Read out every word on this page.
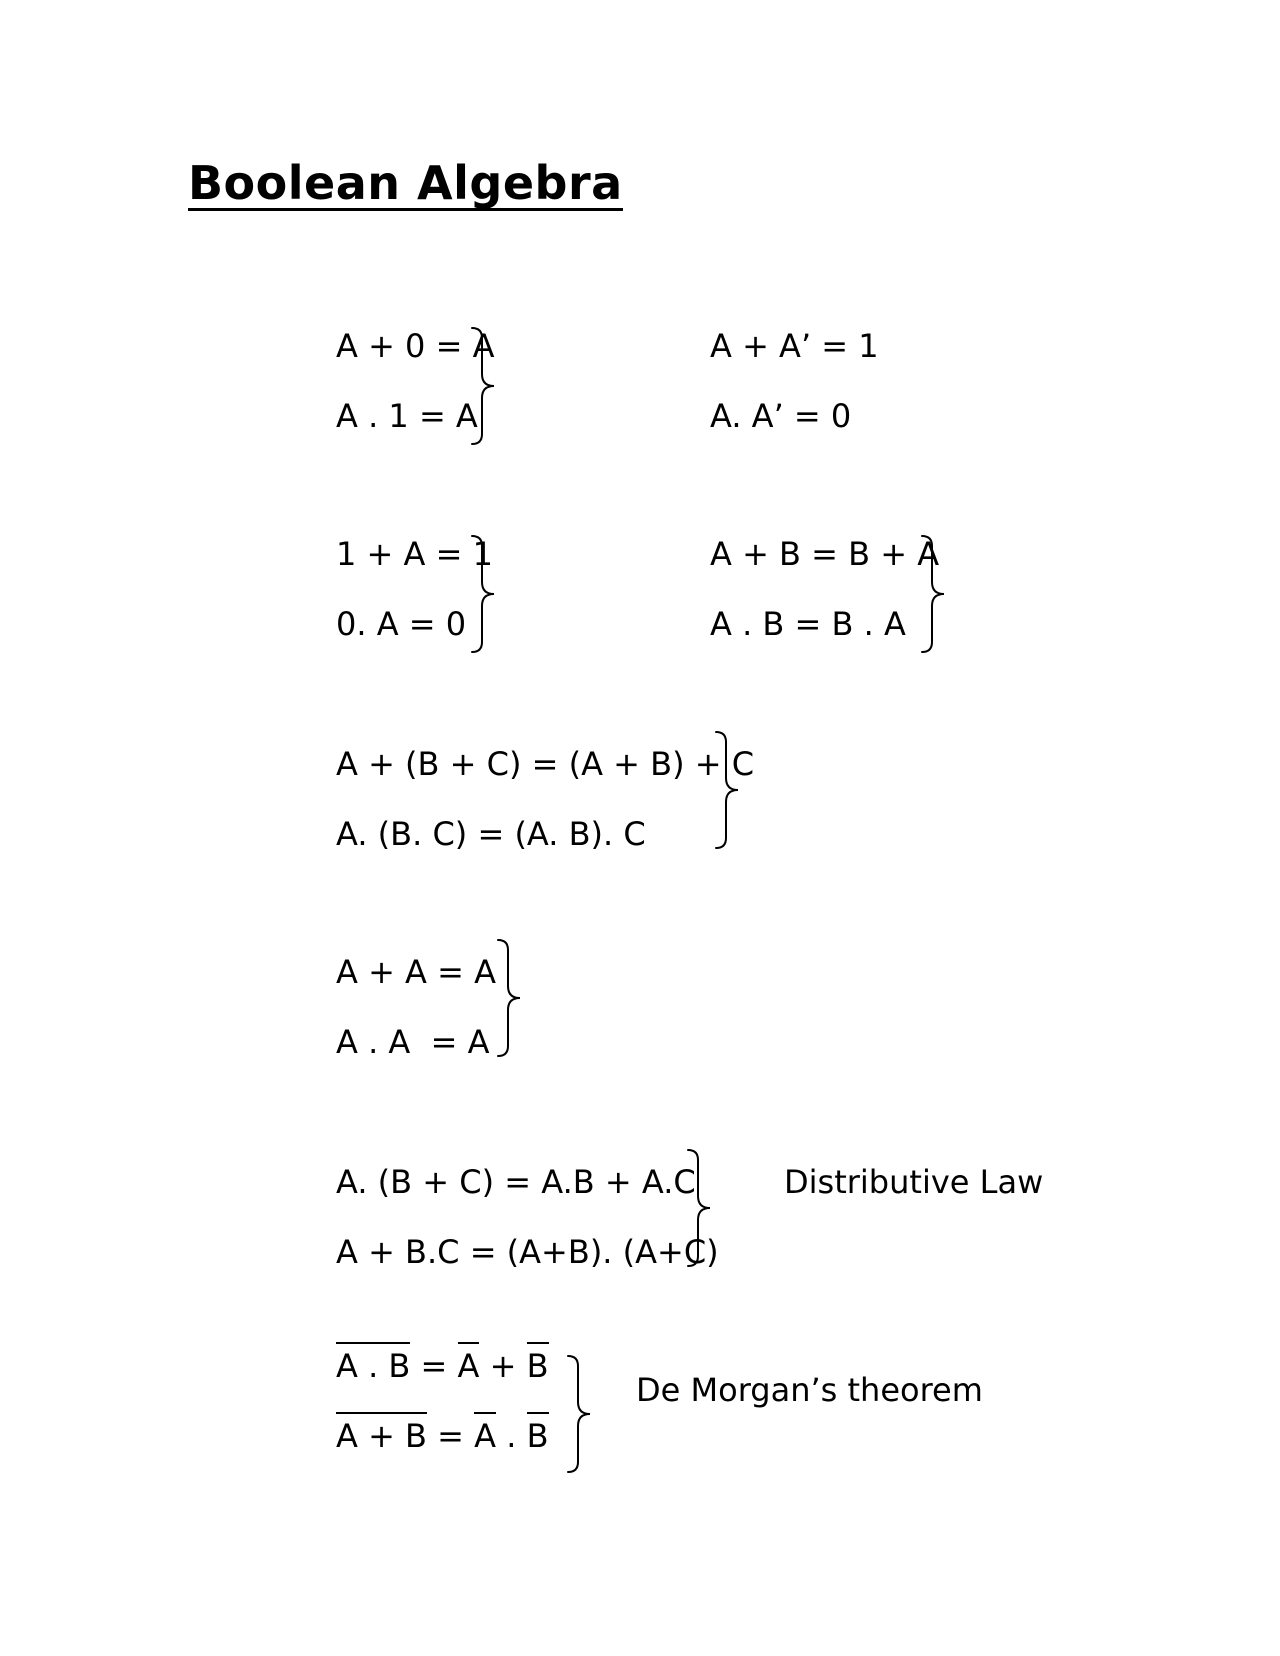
Boolean Algebra
A + 0 = A
A . 1 = A
A + A’ = 1
A. A’ = 0
1 + A = 1
0. A = 0
A + B = B + A
A . B = B . A
A + (B + C) = (A + B) + C
A. (B. C) = (A. B). C
A + A = A
A . A  = A
A. (B + C) = A.B + A.C
A + B.C = (A+B). (A+C)
Distributive Law
A . B = A + B
A + B = A . B
De Morgan’s theorem
